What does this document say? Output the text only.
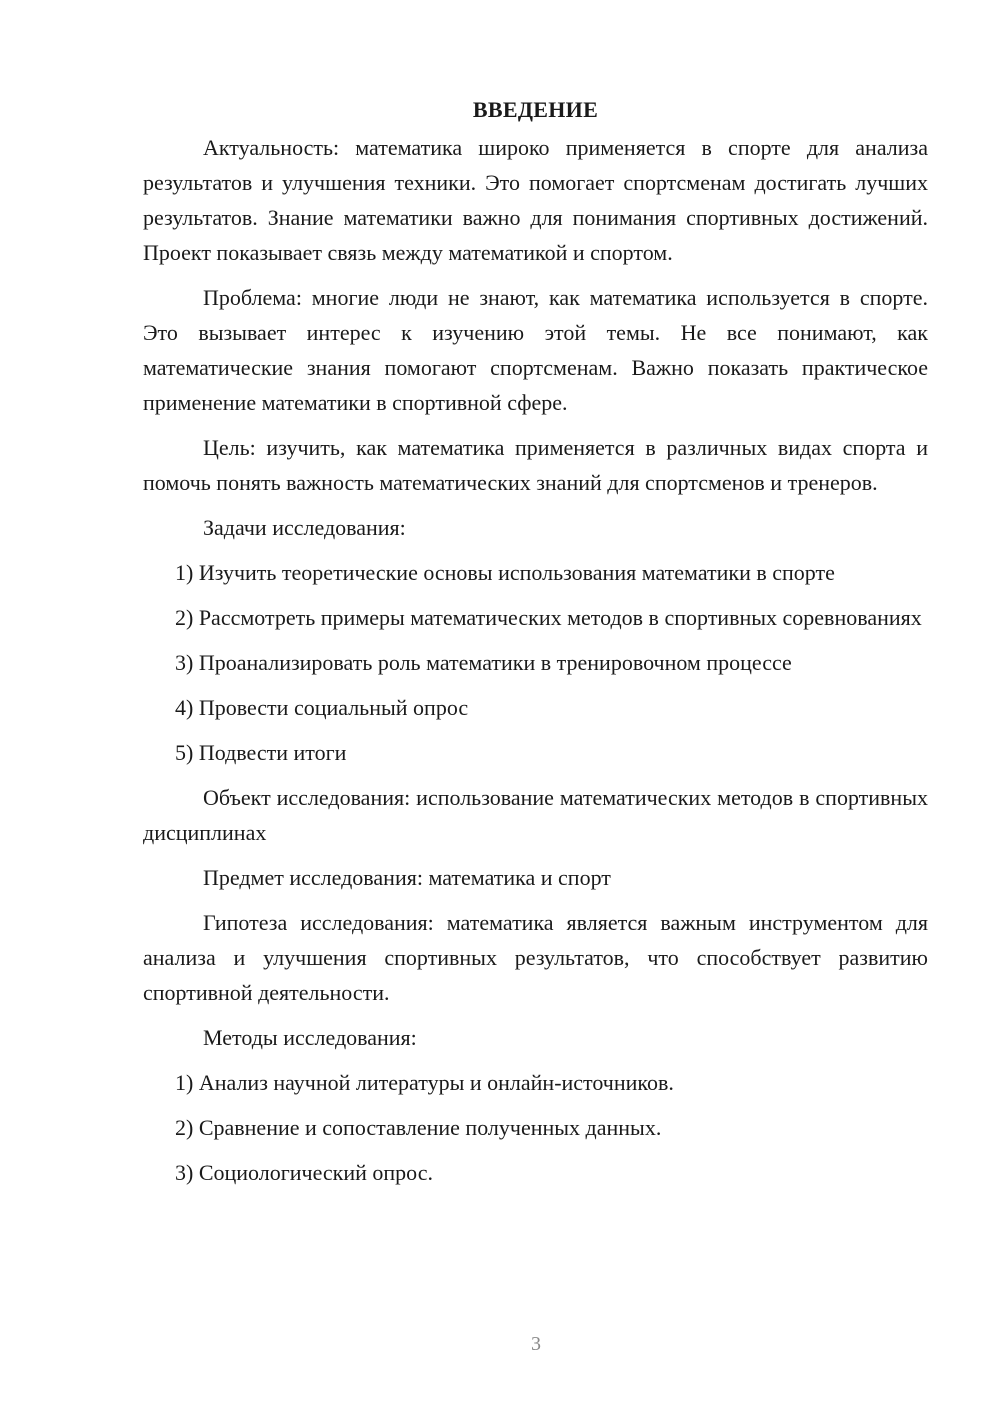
ВВЕДЕНИЕ

Актуальность: математика широко применяется в спорте для анализа результатов и улучшения техники. Это помогает спортсменам достигать лучших результатов. Знание математики важно для понимания спортивных достижений. Проект показывает связь между математикой и спортом.

Проблема: многие люди не знают, как математика используется в спорте. Это вызывает интерес к изучению этой темы. Не все понимают, как математические знания помогают спортсменам. Важно показать практическое применение математики в спортивной сфере.

Цель: изучить, как математика применяется в различных видах спорта и помочь понять важность математических знаний для спортсменов и тренеров.

Задачи исследования:

1) Изучить теоретические основы использования математики в спорте

2) Рассмотреть примеры математических методов в спортивных соревнованиях

3) Проанализировать роль математики в тренировочном процессе

4) Провести социальный опрос

5) Подвести итоги

Объект исследования: использование математических методов в спортивных дисциплинах

Предмет исследования: математика и спорт

Гипотеза исследования: математика является важным инструментом для анализа и улучшения спортивных результатов, что способствует развитию спортивной деятельности.

Методы исследования:

1) Анализ научной литературы и онлайн-источников.

2) Сравнение и сопоставление полученных данных.

3) Социологический опрос.

3
